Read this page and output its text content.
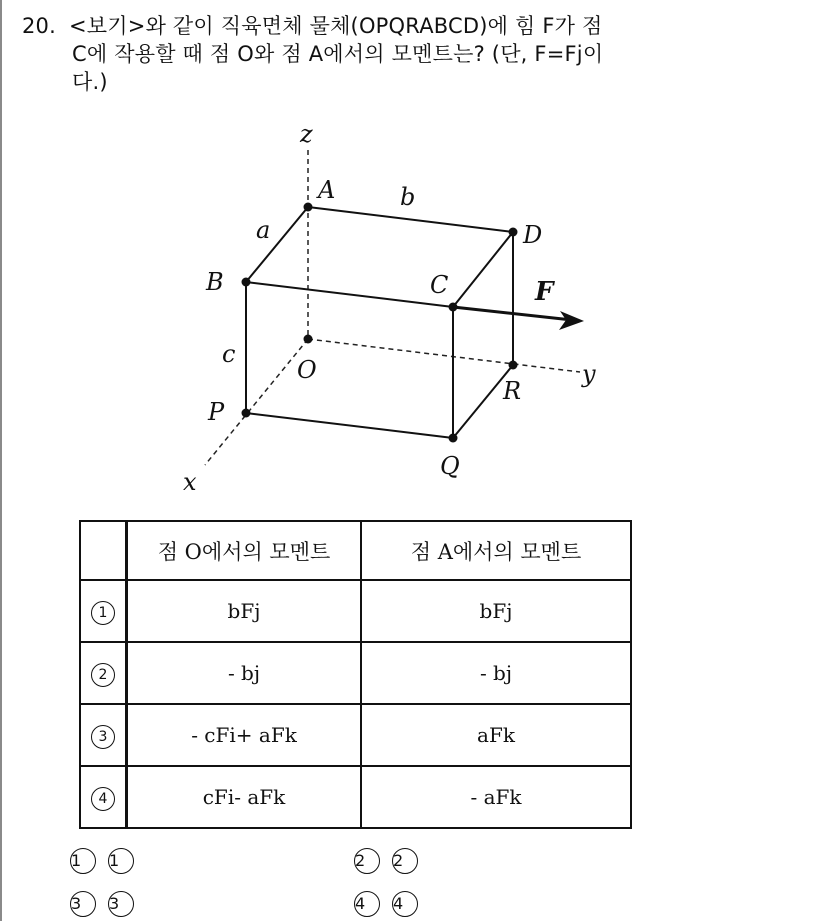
20. <보기>와 같이 직육면체 물체(OPQRABCD)에 힘 F가 점
C에 작용할 때 점 O와 점 A에서의 모멘트는? (단, F=Fj이
다.)
z
A	b
a	D
B	C	F
c
O	y
R
P
Q
x
	점 O에서의 모멘트	점 A에서의 모멘트
1	bFj	bFj
2	- bj	- bj
3	- cFi+ aFk	aFk
4	cFi- aFk	- aFk
1	1	2	2
3	3	4	4
